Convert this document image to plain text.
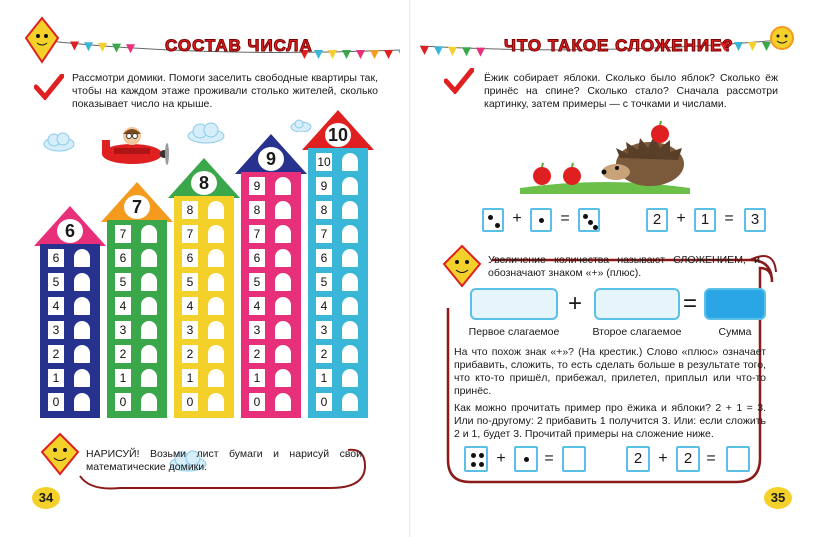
СОСТАВ ЧИСЛА
Рассмотри домики. Помоги заселить свободные квартиры так, чтобы на каждом этаже проживали столько жителей, сколько показывает число на крыше.
6
6
5
4
3
2
1
0
7
7
6
5
4
3
2
1
0
8
8
7
6
5
4
3
2
1
0
9
9
8
7
6
5
4
3
2
1
0
10
10
9
8
7
6
5
4
3
2
1
0
НАРИСУЙ! Возьми лист бумаги и нарисуй свои математические домики.
34
ЧТО ТАКОЕ СЛОЖЕНИЕ?
Ёжик собирает яблоки. Сколько было яблок? Сколько ёж принёс на спине? Сколько стало? Сначала рассмотри картинку, затем примеры — с точками и числами.
+ =	2 +	1 =	3
Увеличение количества называют СЛОЖЕНИЕМ, и обозначают знаком «+» (плюс).
+	=
Первое слагаемое	Второе слагаемое	Сумма
На что похож знак «+»? (На крестик.) Слово «плюс» означает прибавить, сложить, то есть сделать больше в результате того, что кто-то пришёл, прибежал, прилетел, приплыл или что-то принёс.
Как можно прочитать пример про ёжика и яблоки? 2 + 1 = 3. Или по-другому: 2 прибавить 1 получится 3. Или: если сложить 2 и 1, будет 3. Прочитай примеры на сложение ниже.
+ =	2	+	2 =
35
